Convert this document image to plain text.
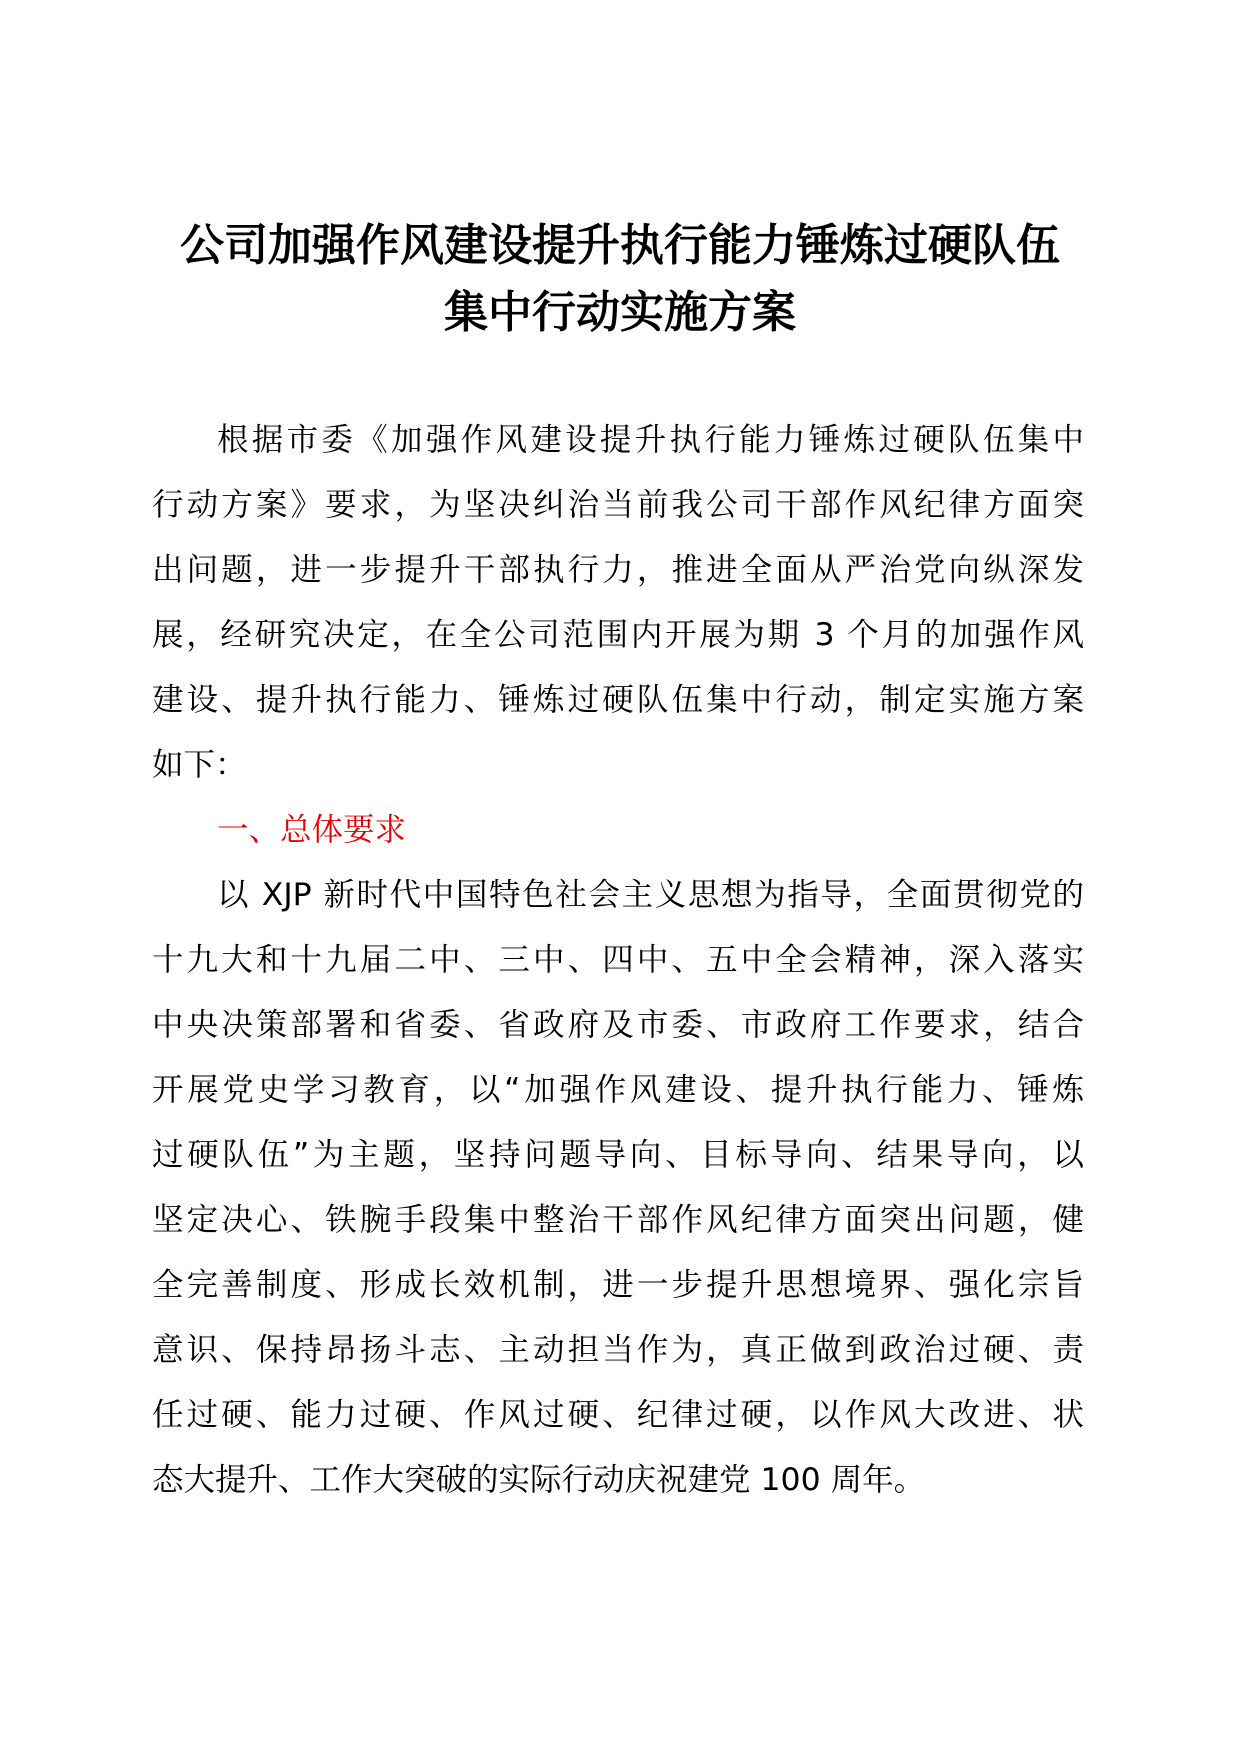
公司加强作风建设提升执行能力锤炼过硬队伍
集中行动实施方案
根据市委《加强作风建设提升执行能力锤炼过硬队伍集中
行动方案》要求，为坚决纠治当前我公司干部作风纪律方面突
出问题，进一步提升干部执行力，推进全面从严治党向纵深发
展，经研究决定，在全公司范围内开展为期 3 个月的加强作风
建设、提升执行能力、锤炼过硬队伍集中行动，制定实施方案
如下：
一、总体要求
以 XJP 新时代中国特色社会主义思想为指导，全面贯彻党的
十九大和十九届二中、三中、四中、五中全会精神，深入落实
中央决策部署和省委、省政府及市委、市政府工作要求，结合
开展党史学习教育，以“加强作风建设、提升执行能力、锤炼
过硬队伍”为主题，坚持问题导向、目标导向、结果导向，以
坚定决心、铁腕手段集中整治干部作风纪律方面突出问题，健
全完善制度、形成长效机制，进一步提升思想境界、强化宗旨
意识、保持昂扬斗志、主动担当作为，真正做到政治过硬、责
任过硬、能力过硬、作风过硬、纪律过硬，以作风大改进、状
态大提升、工作大突破的实际行动庆祝建党 100 周年。
